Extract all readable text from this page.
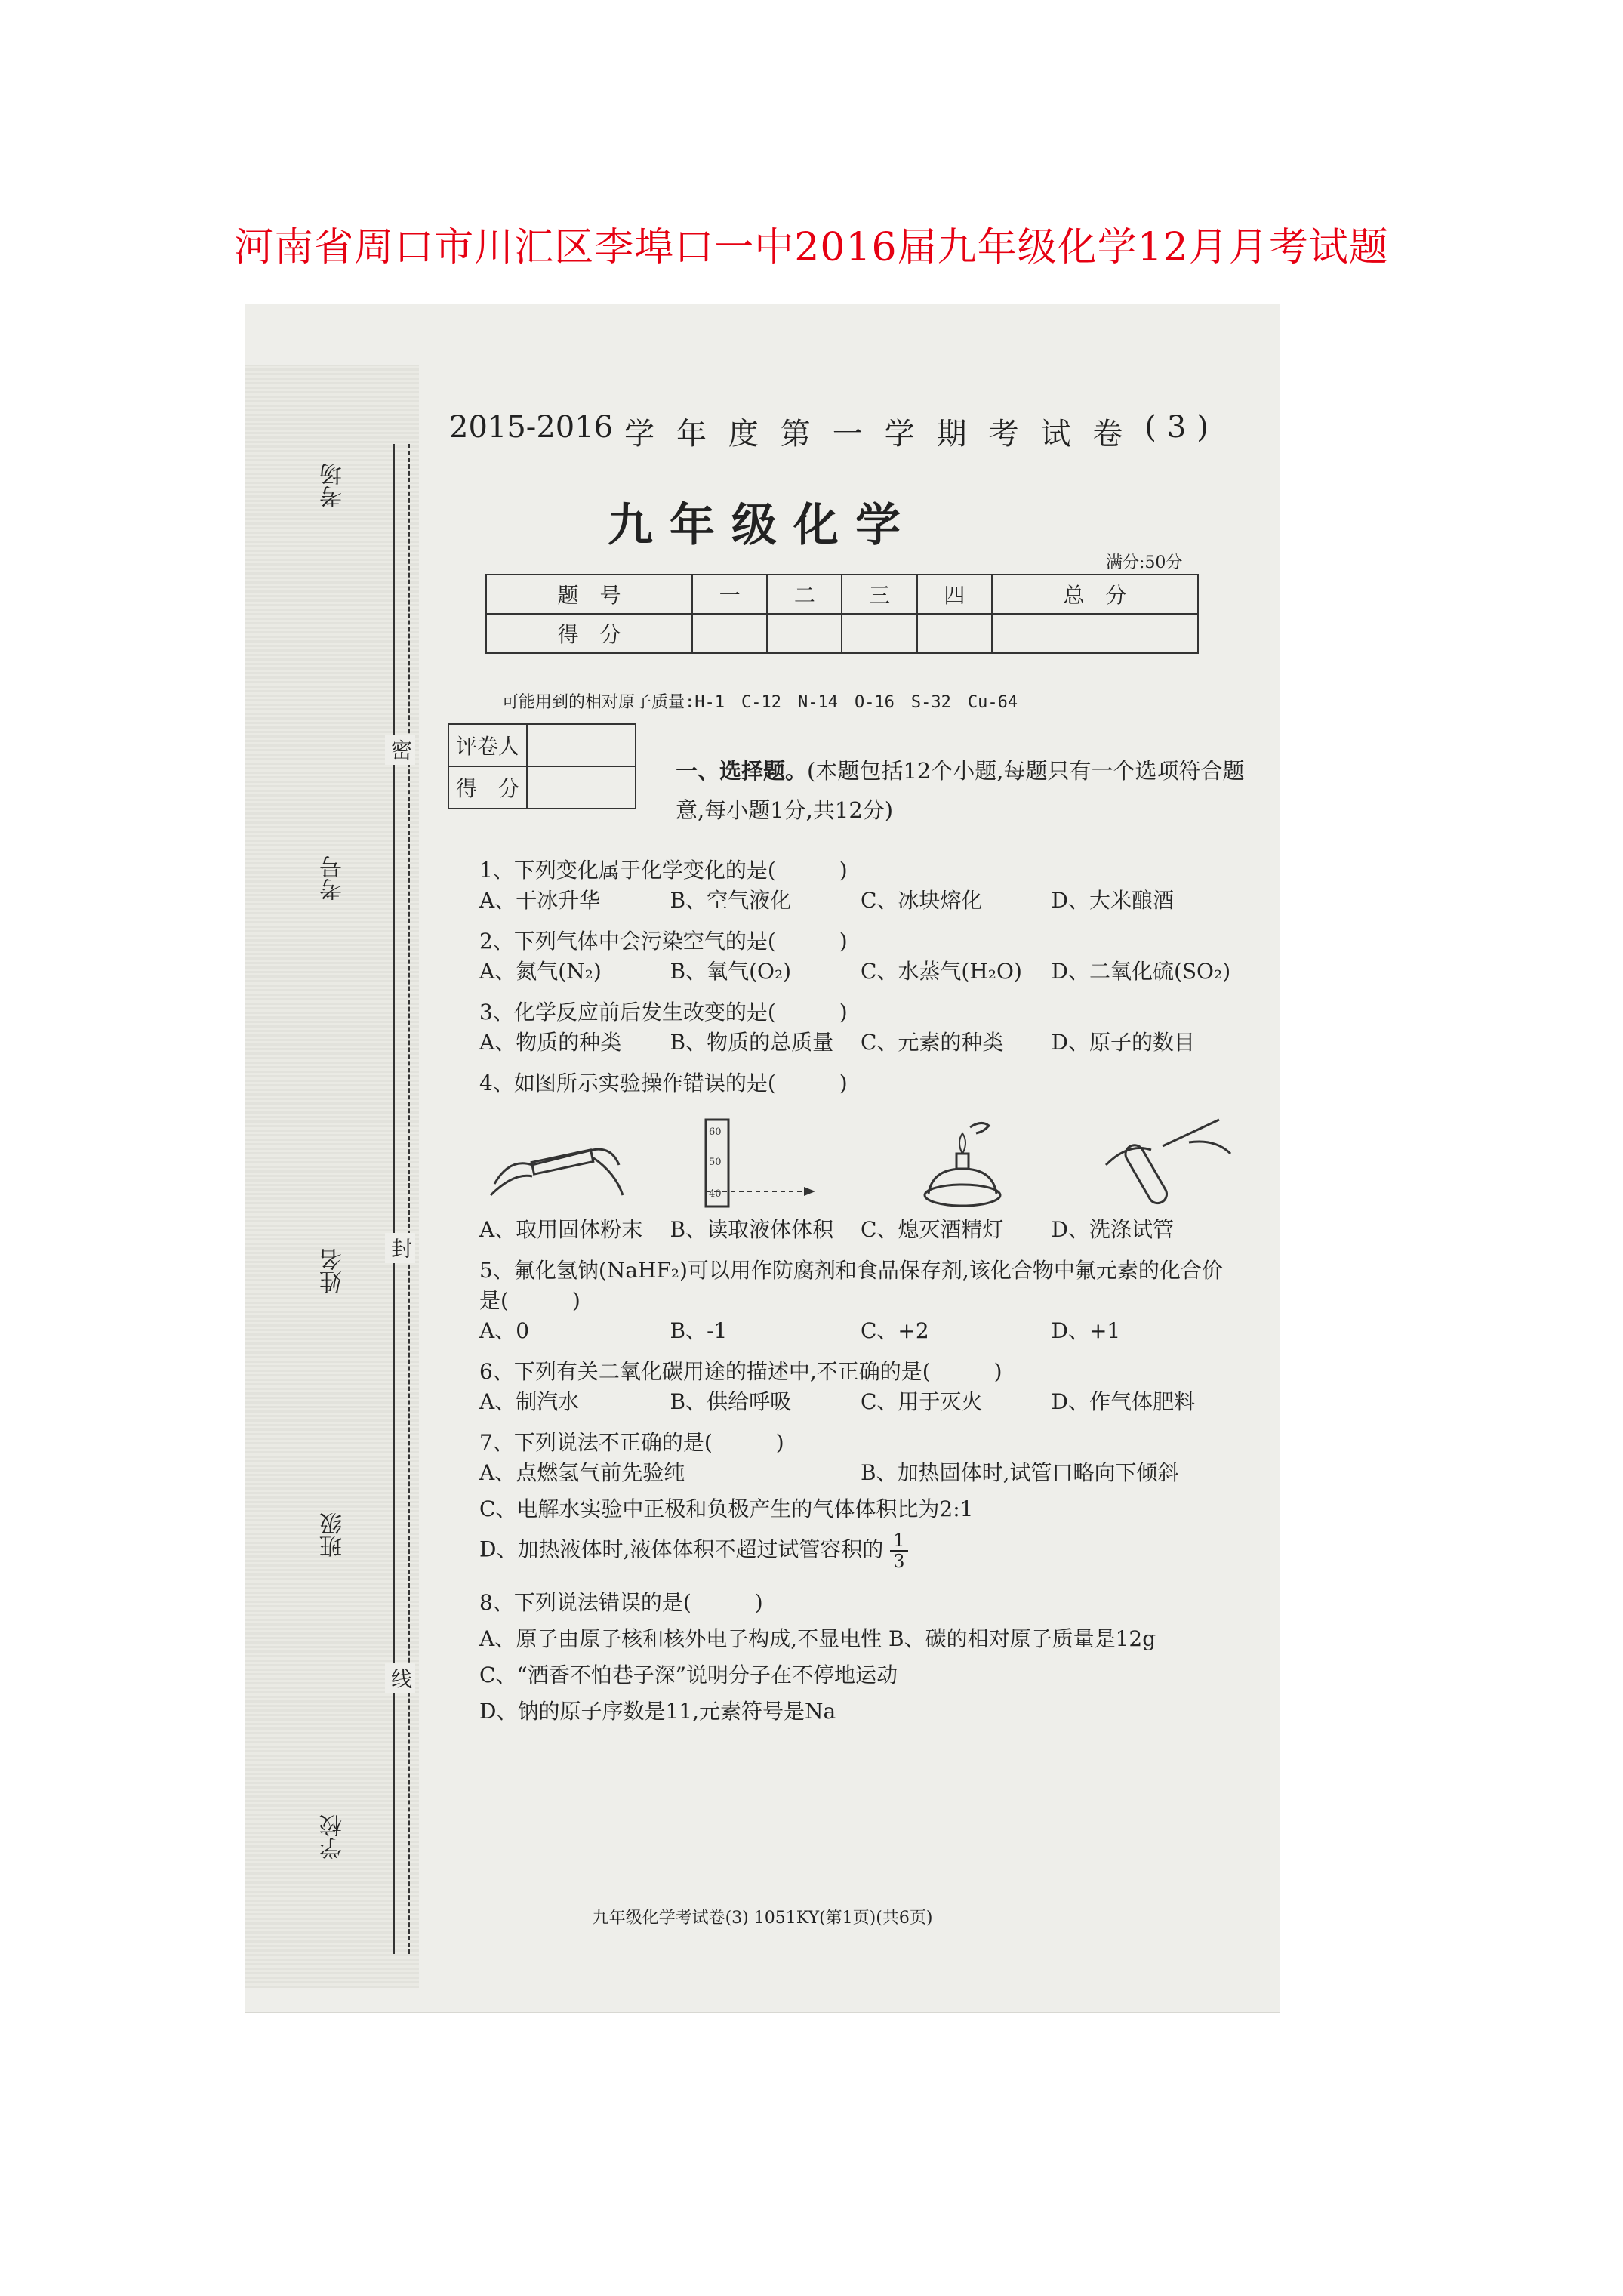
河南省周口市川汇区李埠口一中2016届九年级化学12月月考试题
考场
考号
姓名
班级
学校
密
封
线
2015-2016 学 年 度 第 一 学 期 考 试 卷 (3)
九年级化学
满分:50分
题　号	一	二	三	四	总　分
得　分					
可能用到的相对原子质量:H-1　C-12　N-14　O-16　S-32　Cu-64
评卷人	
得　分	
一、选择题。(本题包括12个小题,每题只有一个选项符合题意,每小题1分,共12分)
1、下列变化属于化学变化的是(　　　)
A、干冰升华	B、空气液化	C、冰块熔化	D、大米酿酒
2、下列气体中会污染空气的是(　　　)
A、氮气(N₂)	B、氧气(O₂)	C、水蒸气(H₂O)	D、二氧化硫(SO₂)
3、化学反应前后发生改变的是(　　　)
A、物质的种类	B、物质的总质量	C、元素的种类	D、原子的数目
4、如图所示实验操作错误的是(　　　)
60
50
40
A、取用固体粉末	B、读取液体体积	C、熄灭酒精灯	D、洗涤试管
5、氟化氢钠(NaHF₂)可以用作防腐剂和食品保存剂,该化合物中氟元素的化合价是(　　　)
A、0	B、-1	C、+2	D、+1
6、下列有关二氧化碳用途的描述中,不正确的是(　　　)
A、制汽水	B、供给呼吸	C、用于灭火	D、作气体肥料
7、下列说法不正确的是(　　　)
A、点燃氢气前先验纯	B、加热固体时,试管口略向下倾斜
C、电解水实验中正极和负极产生的气体体积比为2:1
D、加热液体时,液体体积不超过试管容积的 $\frac{1}{3}$
8、下列说法错误的是(　　　)
A、原子由原子核和核外电子构成,不显电性 B、碳的相对原子质量是12g
C、“酒香不怕巷子深”说明分子在不停地运动
D、钠的原子序数是11,元素符号是Na
九年级化学考试卷(3) 1051KY(第1页)(共6页)
